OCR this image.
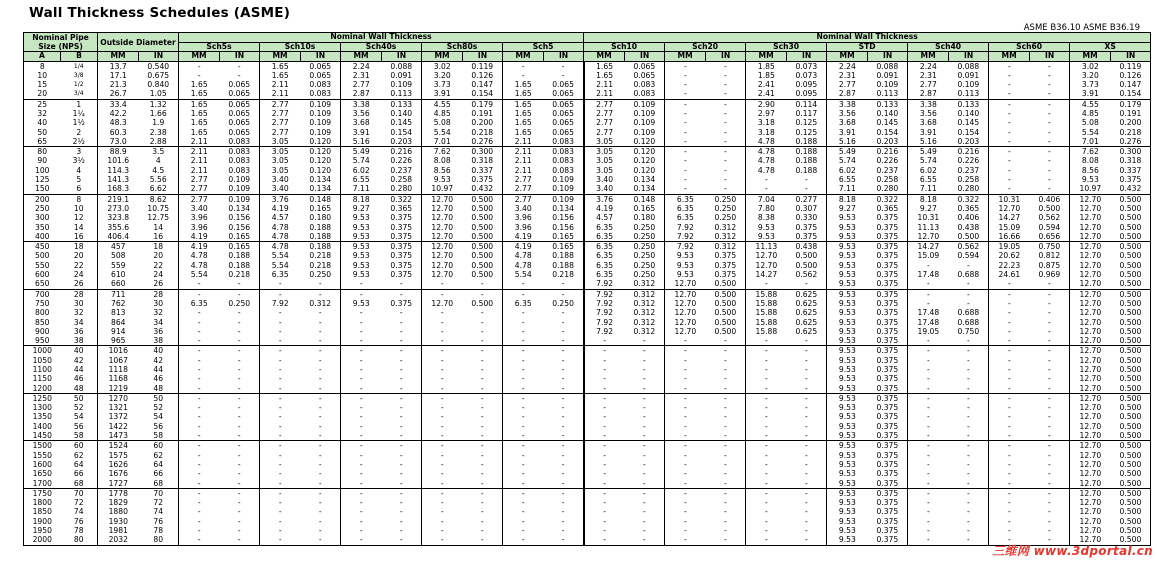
Wall Thickness Schedules (ASME)
ASME B36.10 ASME B36.19
Nominal Pipe Size (NPS)		Outside Diameter		Nominal Wall Thickness										Nominal Wall Thickness													
				Sch5s		Sch10s		Sch40s		Sch80s		Sch5		Sch10		Sch20		Sch30		STD		Sch40		Sch60		XS	
A	B	MM	IN	MM	IN	MM	IN	MM	IN	MM	IN	MM	IN	MM	IN	MM	IN	MM	IN	MM	IN	MM	IN	MM	IN	MM	IN
8	1/4	13.7	0.540	-	-	1.65	0.065	2.24	0.088	3.02	0.119	-	-	1.65	0.065	-	-	1.85	0.073	2.24	0.088	2.24	0.088	-	-	3.02	0.119
10	3/8	17.1	0.675	-	-	1.65	0.065	2.31	0.091	3.20	0.126	-	-	1.65	0.065	-	-	1.85	0.073	2.31	0.091	2.31	0.091	-	-	3.20	0.126
15	1/2	21.3	0.840	1.65	0.065	2.11	0.083	2.77	0.109	3.73	0.147	1.65	0.065	2.11	0.083	-	-	2.41	0.095	2.77	0.109	2.77	0.109	-	-	3.73	0.147
20	3/4	26.7	1.05	1.65	0.065	2.11	0.083	2.87	0.113	3.91	0.154	1.65	0.065	2.11	0.083	-	-	2.41	0.095	2.87	0.113	2.87	0.113	-	-	3.91	0.154
25	1	33.4	1.32	1.65	0.065	2.77	0.109	3.38	0.133	4.55	0.179	1.65	0.065	2.77	0.109	-	-	2.90	0.114	3.38	0.133	3.38	0.133	-	-	4.55	0.179
32	1¼	42.2	1.66	1.65	0.065	2.77	0.109	3.56	0.140	4.85	0.191	1.65	0.065	2.77	0.109	-	-	2.97	0.117	3.56	0.140	3.56	0.140	-	-	4.85	0.191
40	1½	48.3	1.9	1.65	0.065	2.77	0.109	3.68	0.145	5.08	0.200	1.65	0.065	2.77	0.109	-	-	3.18	0.125	3.68	0.145	3.68	0.145	-	-	5.08	0.200
50	2	60.3	2.38	1.65	0.065	2.77	0.109	3.91	0.154	5.54	0.218	1.65	0.065	2.77	0.109	-	-	3.18	0.125	3.91	0.154	3.91	0.154	-	-	5.54	0.218
65	2½	73.0	2.88	2.11	0.083	3.05	0.120	5.16	0.203	7.01	0.276	2.11	0.083	3.05	0.120	-	-	4.78	0.188	5.16	0.203	5.16	0.203	-	-	7.01	0.276
80	3	88.9	3.5	2.11	0.083	3.05	0.120	5.49	0.216	7.62	0.300	2.11	0.083	3.05	0.120	-	-	4.78	0.188	5.49	0.216	5.49	0.216	-	-	7.62	0.300
90	3½	101.6	4	2.11	0.083	3.05	0.120	5.74	0.226	8.08	0.318	2.11	0.083	3.05	0.120	-	-	4.78	0.188	5.74	0.226	5.74	0.226	-	-	8.08	0.318
100	4	114.3	4.5	2.11	0.083	3.05	0.120	6.02	0.237	8.56	0.337	2.11	0.083	3.05	0.120	-	-	4.78	0.188	6.02	0.237	6.02	0.237	-	-	8.56	0.337
125	5	141.3	5.56	2.77	0.109	3.40	0.134	6.55	0.258	9.53	0.375	2.77	0.109	3.40	0.134	-	-	-	-	6.55	0.258	6.55	0.258	-	-	9.53	0.375
150	6	168.3	6.62	2.77	0.109	3.40	0.134	7.11	0.280	10.97	0.432	2.77	0.109	3.40	0.134	-	-	-	-	7.11	0.280	7.11	0.280	-	-	10.97	0.432
200	8	219.1	8.62	2.77	0.109	3.76	0.148	8.18	0.322	12.70	0.500	2.77	0.109	3.76	0.148	6.35	0.250	7.04	0.277	8.18	0.322	8.18	0.322	10.31	0.406	12.70	0.500
250	10	273.0	10.75	3.40	0.134	4.19	0.165	9.27	0.365	12.70	0.500	3.40	0.134	4.19	0.165	6.35	0.250	7.80	0.307	9.27	0.365	9.27	0.365	12.70	0.500	12.70	0.500
300	12	323.8	12.75	3.96	0.156	4.57	0.180	9.53	0.375	12.70	0.500	3.96	0.156	4.57	0.180	6.35	0.250	8.38	0.330	9.53	0.375	10.31	0.406	14.27	0.562	12.70	0.500
350	14	355.6	14	3.96	0.156	4.78	0.188	9.53	0.375	12.70	0.500	3.96	0.156	6.35	0.250	7.92	0.312	9.53	0.375	9.53	0.375	11.13	0.438	15.09	0.594	12.70	0.500
400	16	406.4	16	4.19	0.165	4.78	0.188	9.53	0.375	12.70	0.500	4.19	0.165	6.35	0.250	7.92	0.312	9.53	0.375	9.53	0.375	12.70	0.500	16.66	0.656	12.70	0.500
450	18	457	18	4.19	0.165	4.78	0.188	9.53	0.375	12.70	0.500	4.19	0.165	6.35	0.250	7.92	0.312	11.13	0.438	9.53	0.375	14.27	0.562	19.05	0.750	12.70	0.500
500	20	508	20	4.78	0.188	5.54	0.218	9.53	0.375	12.70	0.500	4.78	0.188	6.35	0.250	9.53	0.375	12.70	0.500	9.53	0.375	15.09	0.594	20.62	0.812	12.70	0.500
550	22	559	22	4.78	0.188	5.54	0.218	9.53	0.375	12.70	0.500	4.78	0.188	6.35	0.250	9.53	0.375	12.70	0.500	9.53	0.375	-	-	22.23	0.875	12.70	0.500
600	24	610	24	5.54	0.218	6.35	0.250	9.53	0.375	12.70	0.500	5.54	0.218	6.35	0.250	9.53	0.375	14.27	0.562	9.53	0.375	17.48	0.688	24.61	0.969	12.70	0.500
650	26	660	26	-	-	-	-	-	-	-	-	-	-	7.92	0.312	12.70	0.500	-	-	9.53	0.375	-	-	-	-	12.70	0.500
700	28	711	28	-	-	-	-	-	-	-	-	-	-	7.92	0.312	12.70	0.500	15.88	0.625	9.53	0.375	-	-	-	-	12.70	0.500
750	30	762	30	6.35	0.250	7.92	0.312	9.53	0.375	12.70	0.500	6.35	0.250	7.92	0.312	12.70	0.500	15.88	0.625	9.53	0.375	-	-	-	-	12.70	0.500
800	32	813	32	-	-	-	-	-	-	-	-	-	-	7.92	0.312	12.70	0.500	15.88	0.625	9.53	0.375	17.48	0.688	-	-	12.70	0.500
850	34	864	34	-	-	-	-	-	-	-	-	-	-	7.92	0.312	12.70	0.500	15.88	0.625	9.53	0.375	17.48	0.688	-	-	12.70	0.500
900	36	914	36	-	-	-	-	-	-	-	-	-	-	7.92	0.312	12.70	0.500	15.88	0.625	9.53	0.375	19.05	0.750	-	-	12.70	0.500
950	38	965	38	-	-	-	-	-	-	-	-	-	-	-	-	-	-	-	-	9.53	0.375	-	-	-	-	12.70	0.500
1000	40	1016	40	-	-	-	-	-	-	-	-	-	-	-	-	-	-	-	-	9.53	0.375	-	-	-	-	12.70	0.500
1050	42	1067	42	-	-	-	-	-	-	-	-	-	-	-	-	-	-	-	-	9.53	0.375	-	-	-	-	12.70	0.500
1100	44	1118	44	-	-	-	-	-	-	-	-	-	-	-	-	-	-	-	-	9.53	0.375	-	-	-	-	12.70	0.500
1150	46	1168	46	-	-	-	-	-	-	-	-	-	-	-	-	-	-	-	-	9.53	0.375	-	-	-	-	12.70	0.500
1200	48	1219	48	-	-	-	-	-	-	-	-	-	-	-	-	-	-	-	-	9.53	0.375	-	-	-	-	12.70	0.500
1250	50	1270	50	-	-	-	-	-	-	-	-	-	-	-	-	-	-	-	-	9.53	0.375	-	-	-	-	12.70	0.500
1300	52	1321	52	-	-	-	-	-	-	-	-	-	-	-	-	-	-	-	-	9.53	0.375	-	-	-	-	12.70	0.500
1350	54	1372	54	-	-	-	-	-	-	-	-	-	-	-	-	-	-	-	-	9.53	0.375	-	-	-	-	12.70	0.500
1400	56	1422	56	-	-	-	-	-	-	-	-	-	-	-	-	-	-	-	-	9.53	0.375	-	-	-	-	12.70	0.500
1450	58	1473	58	-	-	-	-	-	-	-	-	-	-	-	-	-	-	-	-	9.53	0.375	-	-	-	-	12.70	0.500
1500	60	1524	60	-	-	-	-	-	-	-	-	-	-	-	-	-	-	-	-	9.53	0.375	-	-	-	-	12.70	0.500
1550	62	1575	62	-	-	-	-	-	-	-	-	-	-	-	-	-	-	-	-	9.53	0.375	-	-	-	-	12.70	0.500
1600	64	1626	64	-	-	-	-	-	-	-	-	-	-	-	-	-	-	-	-	9.53	0.375	-	-	-	-	12.70	0.500
1650	66	1676	66	-	-	-	-	-	-	-	-	-	-	-	-	-	-	-	-	9.53	0.375	-	-	-	-	12.70	0.500
1700	68	1727	68	-	-	-	-	-	-	-	-	-	-	-	-	-	-	-	-	9.53	0.375	-	-	-	-	12.70	0.500
1750	70	1778	70	-	-	-	-	-	-	-	-	-	-	-	-	-	-	-	-	9.53	0.375	-	-	-	-	12.70	0.500
1800	72	1829	72	-	-	-	-	-	-	-	-	-	-	-	-	-	-	-	-	9.53	0.375	-	-	-	-	12.70	0.500
1850	74	1880	74	-	-	-	-	-	-	-	-	-	-	-	-	-	-	-	-	9.53	0.375	-	-	-	-	12.70	0.500
1900	76	1930	76	-	-	-	-	-	-	-	-	-	-	-	-	-	-	-	-	9.53	0.375	-	-	-	-	12.70	0.500
1950	78	1981	78	-	-	-	-	-	-	-	-	-	-	-	-	-	-	-	-	9.53	0.375	-	-	-	-	12.70	0.500
2000	80	2032	80	-	-	-	-	-	-	-	-	-	-	-	-	-	-	-	-	9.53	0.375	-	-	-	-	12.70	0.500
三维网 www.3dportal.cn
